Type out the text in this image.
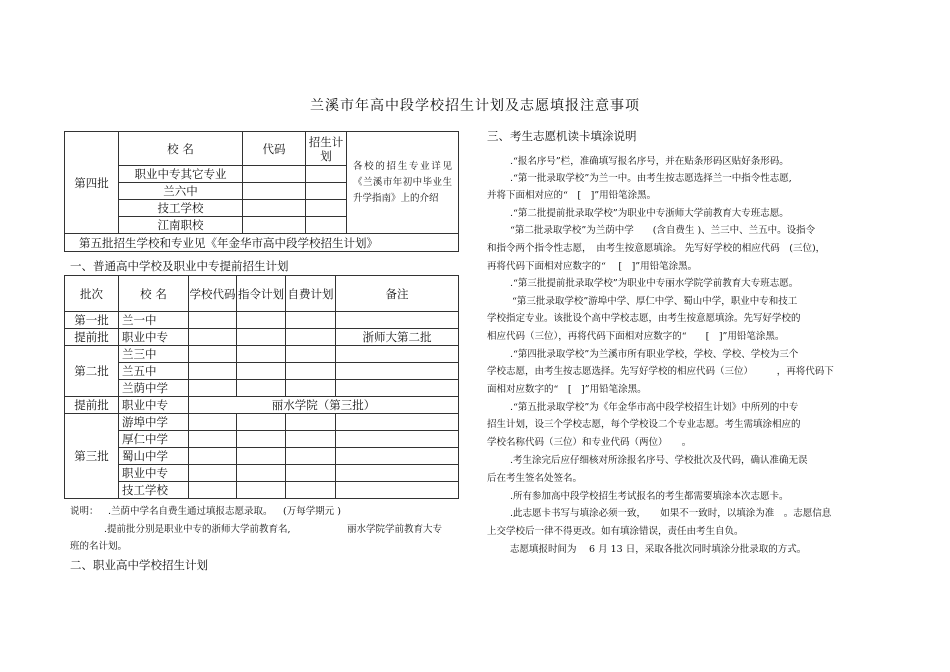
兰溪市年高中段学校招生计划及志愿填报注意事项
第四批	校 名	代码	招生计划	各校的招生专业详见《兰溪市年初中毕业生升学指南》上的介绍
	职业中专其它专业			
	兰六中			
	技工学校			
	江南职校			
第五批招生学校和专业见《年金华市高中段学校招生计划》				
一、普通高中学校及职业中专提前招生计划
批次	校 名	学校代码	指令计划	自费计划	备注
第一批	兰一中				
提前批	职业中专				浙师大第二批
第二批	兰三中				
	兰五中				
	兰荫中学				
提前批	职业中专	丽水学院（第三批）			
第三批	游埠中学				
	厚仁中学				
	蜀山中学				
	职业中专				
	技工学校				
说明： .兰荫中学名自费生通过填报志愿录取。 (万每学期元 )
.提前批分别是职业中专的浙师大学前教育名,	丽水学院学前教育大专
班的名计划。
二、职业高中学校招生计划
三、考生志愿机读卡填涂说明
.“报名序号”栏，准确填写报名序号，并在贴条形码区贴好条形码。
.“第一批录取学校”为兰一中。由考生按志愿选择兰一中指令性志愿,
并将下面相对应的“　[　]”用铅笔涂黑。
.“第二批提前批录取学校”为职业中专浙师大学前教育大专班志愿。
“第二批录取学校”为兰荫中学　　(含自费生 )、兰三中、兰五中。设指令
和指令两个指令性志愿，　由考生按意愿填涂。 先写好学校的相应代码　(三位)，
再将代码下面相对应数字的“　 [　]”用铅笔涂黑。
.“第三批提前批录取学校”为职业中专丽水学院学前教育大专班志愿。
“第三批录取学校”游埠中学、厚仁中学、蜀山中学，职业中专和技工
学校指定专业。该批设个高中学校志愿，由考生按意愿填涂。先写好学校的
相应代码（三位），再将代码下面相对应数字的“　　[　]”用铅笔涂黑。
.“第四批录取学校”为兰溪市所有职业学校，学校、学校、学校为三个
学校志愿，由考生按志愿选择。先写好学校的相应代码（三位）　　　，再将代码下
面相对应数字的“　[　]”用铅笔涂黑。
.“第五批录取学校”为《年金华市高中段学校招生计划》中所列的中专
招生计划，设三个学校志愿，每个学校设二个专业志愿。考生需填涂相应的
学校名称代码（三位）和专业代码（两位）　　。
.考生涂完后应仔细核对所涂报名序号、学校批次及代码，确认准确无误
后在考生签名处签名。
.所有参加高中段学校招生考试报名的考生都需要填涂本次志愿卡。
.此志愿卡书写与填涂必须一致，　　如果不一致时，以填涂为准　。志愿信息
上交学校后一律不得更改。如有填涂错误，责任由考生自负。
志愿填报时间为　 6 月 13 日，采取各批次同时填涂分批录取的方式。
